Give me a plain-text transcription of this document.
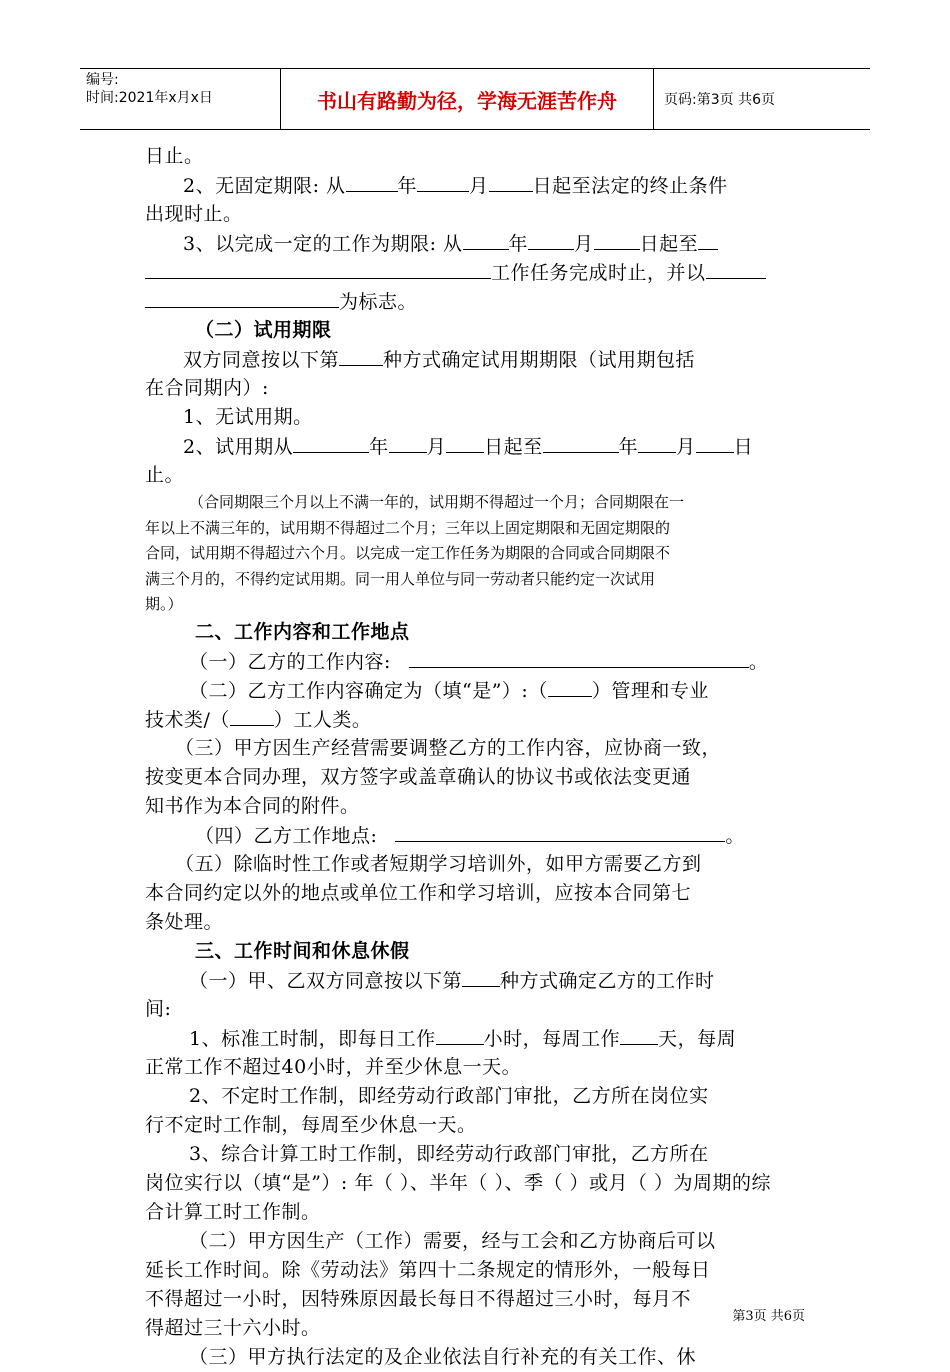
编号:
时间:2021年x月x日	书山有路勤为径，学海无涯苦作舟	页码:第3页 共6页
日止。
2、无固定期限: 从	年	月 日起至法定的终止条件
出现时止。
3、以完成一定的工作为期限: 从 年 月 日起至
工作任务完成时止，并以
为标志。
（二）试用期限
双方同意按以下第 种方式确定试用期期限（试用期包括
在合同期内）:
1、无试用期。
2、试用期从	年 月 日起至	年 月 日
止。
（合同期限三个月以上不满一年的，试用期不得超过一个月；合同期限在一
年以上不满三年的，试用期不得超过二个月；三年以上固定期限和无固定期限的
合同，试用期不得超过六个月。以完成一定工作任务为期限的合同或合同期限不
满三个月的，不得约定试用期。同一用人单位与同一劳动者只能约定一次试用
期。）
二、工作内容和工作地点
（一）乙方的工作内容:	。
（二）乙方工作内容确定为（填“是”）:（ ）管理和专业
技术类/（ ）工人类。
（三）甲方因生产经营需要调整乙方的工作内容，应协商一致，
按变更本合同办理，双方签字或盖章确认的协议书或依法变更通
知书作为本合同的附件。
（四）乙方工作地点:	。
（五）除临时性工作或者短期学习培训外，如甲方需要乙方到
本合同约定以外的地点或单位工作和学习培训，应按本合同第七
条处理。
三、工作时间和休息休假
（一）甲、乙双方同意按以下第 种方式确定乙方的工作时
间:
1、标准工时制，即每日工作	小时，每周工作 天，每周
正常工作不超过40小时，并至少休息一天。
2、不定时工作制，即经劳动行政部门审批，乙方所在岗位实
行不定时工作制，每周至少休息一天。
3、综合计算工时工作制，即经劳动行政部门审批，乙方所在
岗位实行以（填“是”）: 年（ ）、半年（ ）、季（ ）或月（ ）为周期的综
合计算工时工作制。
（二）甲方因生产（工作）需要，经与工会和乙方协商后可以
延长工作时间。除《劳动法》第四十二条规定的情形外，一般每日
不得超过一小时，因特殊原因最长每日不得超过三小时，每月不
得超过三十六小时。
（三）甲方执行法定的及企业依法自行补充的有关工作、休
第3页 共6页
